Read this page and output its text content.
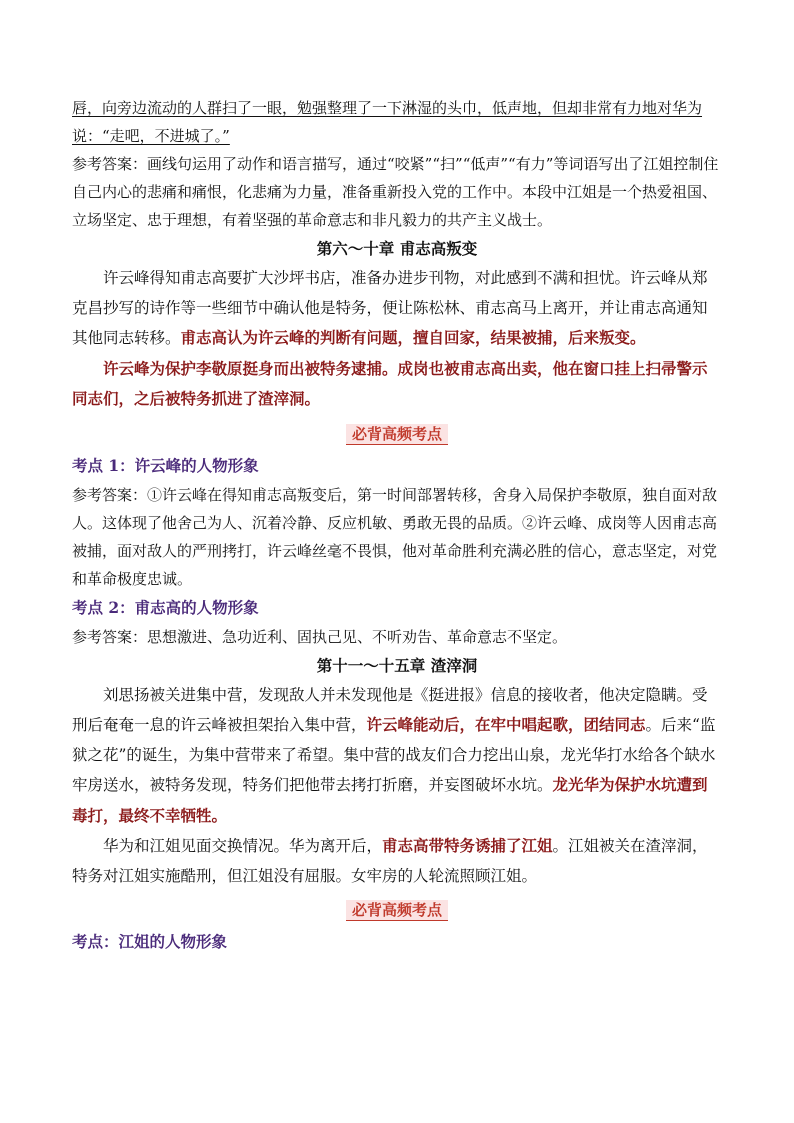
唇，向旁边流动的人群扫了一眼，勉强整理了一下淋湿的头巾，低声地，但却非常有力地对华为说：“走吧，不进城了。”

参考答案：画线句运用了动作和语言描写，通过“咬紧”“扫”“低声”“有力”等词语写出了江姐控制住自己内心的悲痛和痛恨，化悲痛为力量，准备重新投入党的工作中。本段中江姐是一个热爱祖国、立场坚定、忠于理想，有着坚强的革命意志和非凡毅力的共产主义战士。

第六～十章 甫志高叛变

许云峰得知甫志高要扩大沙坪书店，准备办进步刊物，对此感到不满和担忧。许云峰从郑克昌抄写的诗作等一些细节中确认他是特务，便让陈松林、甫志高马上离开，并让甫志高通知其他同志转移。甫志高认为许云峰的判断有问题，擅自回家，结果被捕，后来叛变。

许云峰为保护李敬原挺身而出被特务逮捕。成岗也被甫志高出卖，他在窗口挂上扫帚警示同志们，之后被特务抓进了渣滓洞。

必背高频考点

考点 1：许云峰的人物形象

参考答案：①许云峰在得知甫志高叛变后，第一时间部署转移，舍身入局保护李敬原，独自面对敌人。这体现了他舍己为人、沉着冷静、反应机敏、勇敢无畏的品质。②许云峰、成岗等人因甫志高被捕，面对敌人的严刑拷打，许云峰丝毫不畏惧，他对革命胜利充满必胜的信心，意志坚定，对党和革命极度忠诚。

考点 2：甫志高的人物形象

参考答案：思想激进、急功近利、固执己见、不听劝告、革命意志不坚定。

第十一～十五章 渣滓洞

刘思扬被关进集中营，发现敌人并未发现他是《挺进报》信息的接收者，他决定隐瞒。受刑后奄奄一息的许云峰被担架抬入集中营，许云峰能动后，在牢中唱起歌，团结同志。后来“监狱之花”的诞生，为集中营带来了希望。集中营的战友们合力挖出山泉，龙光华打水给各个缺水牢房送水，被特务发现，特务们把他带去拷打折磨，并妄图破坏水坑。龙光华为保护水坑遭到毒打，最终不幸牺牲。

华为和江姐见面交换情况。华为离开后，甫志高带特务诱捕了江姐。江姐被关在渣滓洞，特务对江姐实施酷刑，但江姐没有屈服。女牢房的人轮流照顾江姐。

必背高频考点

考点：江姐的人物形象
